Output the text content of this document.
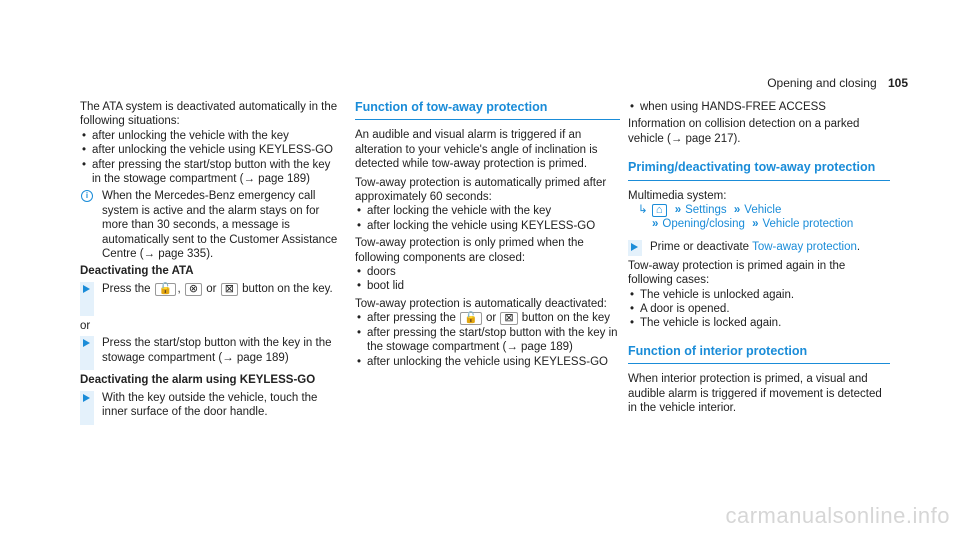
Opening and closing 105

The ATA system is deactivated automatically in the following situations:

• after unlocking the vehicle with the key
• after unlocking the vehicle using KEYLESS-GO
• after pressing the start/stop button with the key in the stowage compartment (→ page 189)
i	When the Mercedes-Benz emergency call system is active and the alarm stays on for more than 30 seconds, a message is automatically sent to the Customer Assistance Centre (→ page 335).
Deactivating the ATA
Press the 🔓 , ⊗ or ⊠ button on the key.

or

Press the start/stop button with the key in the stowage compartment (→ page 189)
Deactivating the alarm using KEYLESS-GO
With the key outside the vehicle, touch the inner surface of the door handle.
Function of tow-away protection

An audible and visual alarm is triggered if an alteration to your vehicle's angle of inclination is detected while tow-away protection is primed.

Tow-away protection is automatically primed after approximately 60 seconds:

• after locking the vehicle with the key
• after locking the vehicle using KEYLESS-GO

Tow-away protection is only primed when the following components are closed:

• doors
• boot lid

Tow-away protection is automatically deactivated:

• after pressing the 🔓 or ⊠ button on the key
• after pressing the start/stop button with the key in the stowage compartment (→ page 189)
• after unlocking the vehicle using KEYLESS-GO
• when using HANDS-FREE ACCESS

Information on collision detection on a parked vehicle (→ page 217).

Priming/deactivating tow-away protection

Multimedia system:

↳ ⌂ » Settings » Vehicle
» Opening/closing » Vehicle protection
Prime or deactivate Tow-away protection.

Tow-away protection is primed again in the following cases:

• The vehicle is unlocked again.
• A door is opened.
• The vehicle is locked again.
Function of interior protection

When interior protection is primed, a visual and audible alarm is triggered if movement is detected in the vehicle interior.

carmanualsonline.info
